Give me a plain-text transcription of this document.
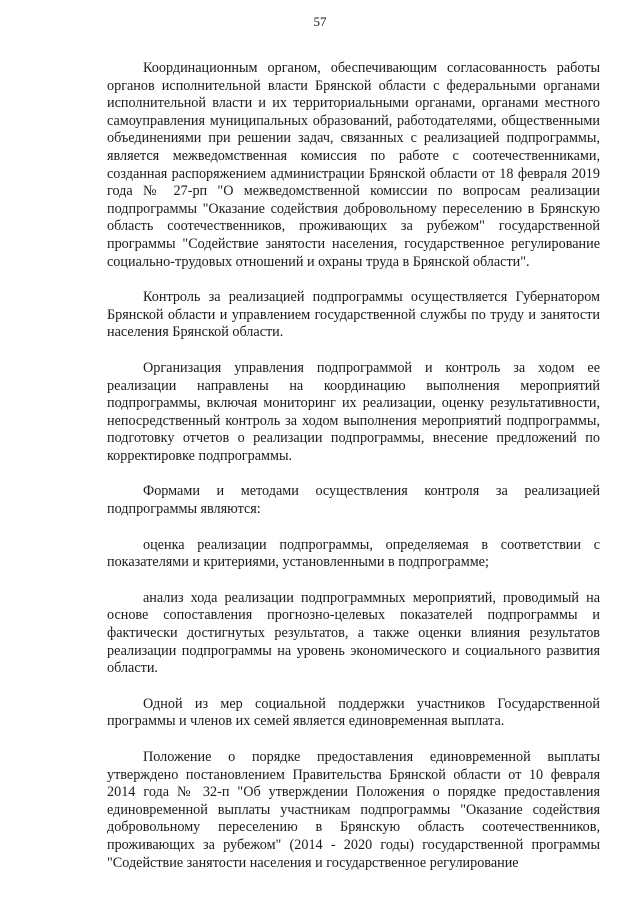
57

Координационным органом, обеспечивающим согласованность работы органов исполнительной власти Брянской области с федеральными органами исполнительной власти и их территориальными органами, органами местного самоуправления муниципальных образований, работодателями, общественными объединениями при решении задач, связанных с реализацией подпрограммы, является межведомственная комиссия по работе с соотечественниками, созданная распоряжением администрации Брянской области от 18 февраля 2019 года № 27-рп "О межведомственной комиссии по вопросам реализации подпрограммы "Оказание содействия добровольному переселению в Брянскую область соотечественников, проживающих за рубежом" государственной программы "Содействие занятости населения, государственное регулирование социально-трудовых отношений и охраны труда в Брянской области".

Контроль за реализацией подпрограммы осуществляется Губернатором Брянской области и управлением государственной службы по труду и занятости населения Брянской области.

Организация управления подпрограммой и контроль за ходом ее реализации направлены на координацию выполнения мероприятий подпрограммы, включая мониторинг их реализации, оценку результативности, непосредственный контроль за ходом выполнения мероприятий подпрограммы, подготовку отчетов о реализации подпрограммы, внесение предложений по корректировке подпрограммы.

Формами и методами осуществления контроля за реализацией подпрограммы являются:

оценка реализации подпрограммы, определяемая в соответствии с показателями и критериями, установленными в подпрограмме;

анализ хода реализации подпрограммных мероприятий, проводимый на основе сопоставления прогнозно-целевых показателей подпрограммы и фактически достигнутых результатов, а также оценки влияния результатов реализации подпрограммы на уровень экономического и социального развития области.

Одной из мер социальной поддержки участников Государственной программы и членов их семей является единовременная выплата.

Положение о порядке предоставления единовременной выплаты утверждено постановлением Правительства Брянской области от 10 февраля 2014 года № 32-п "Об утверждении Положения о порядке предоставления единовременной выплаты участникам подпрограммы "Оказание содействия добровольному переселению в Брянскую область соотечественников, проживающих за рубежом" (2014 - 2020 годы) государственной программы "Содействие занятости населения и государственное регулирование
